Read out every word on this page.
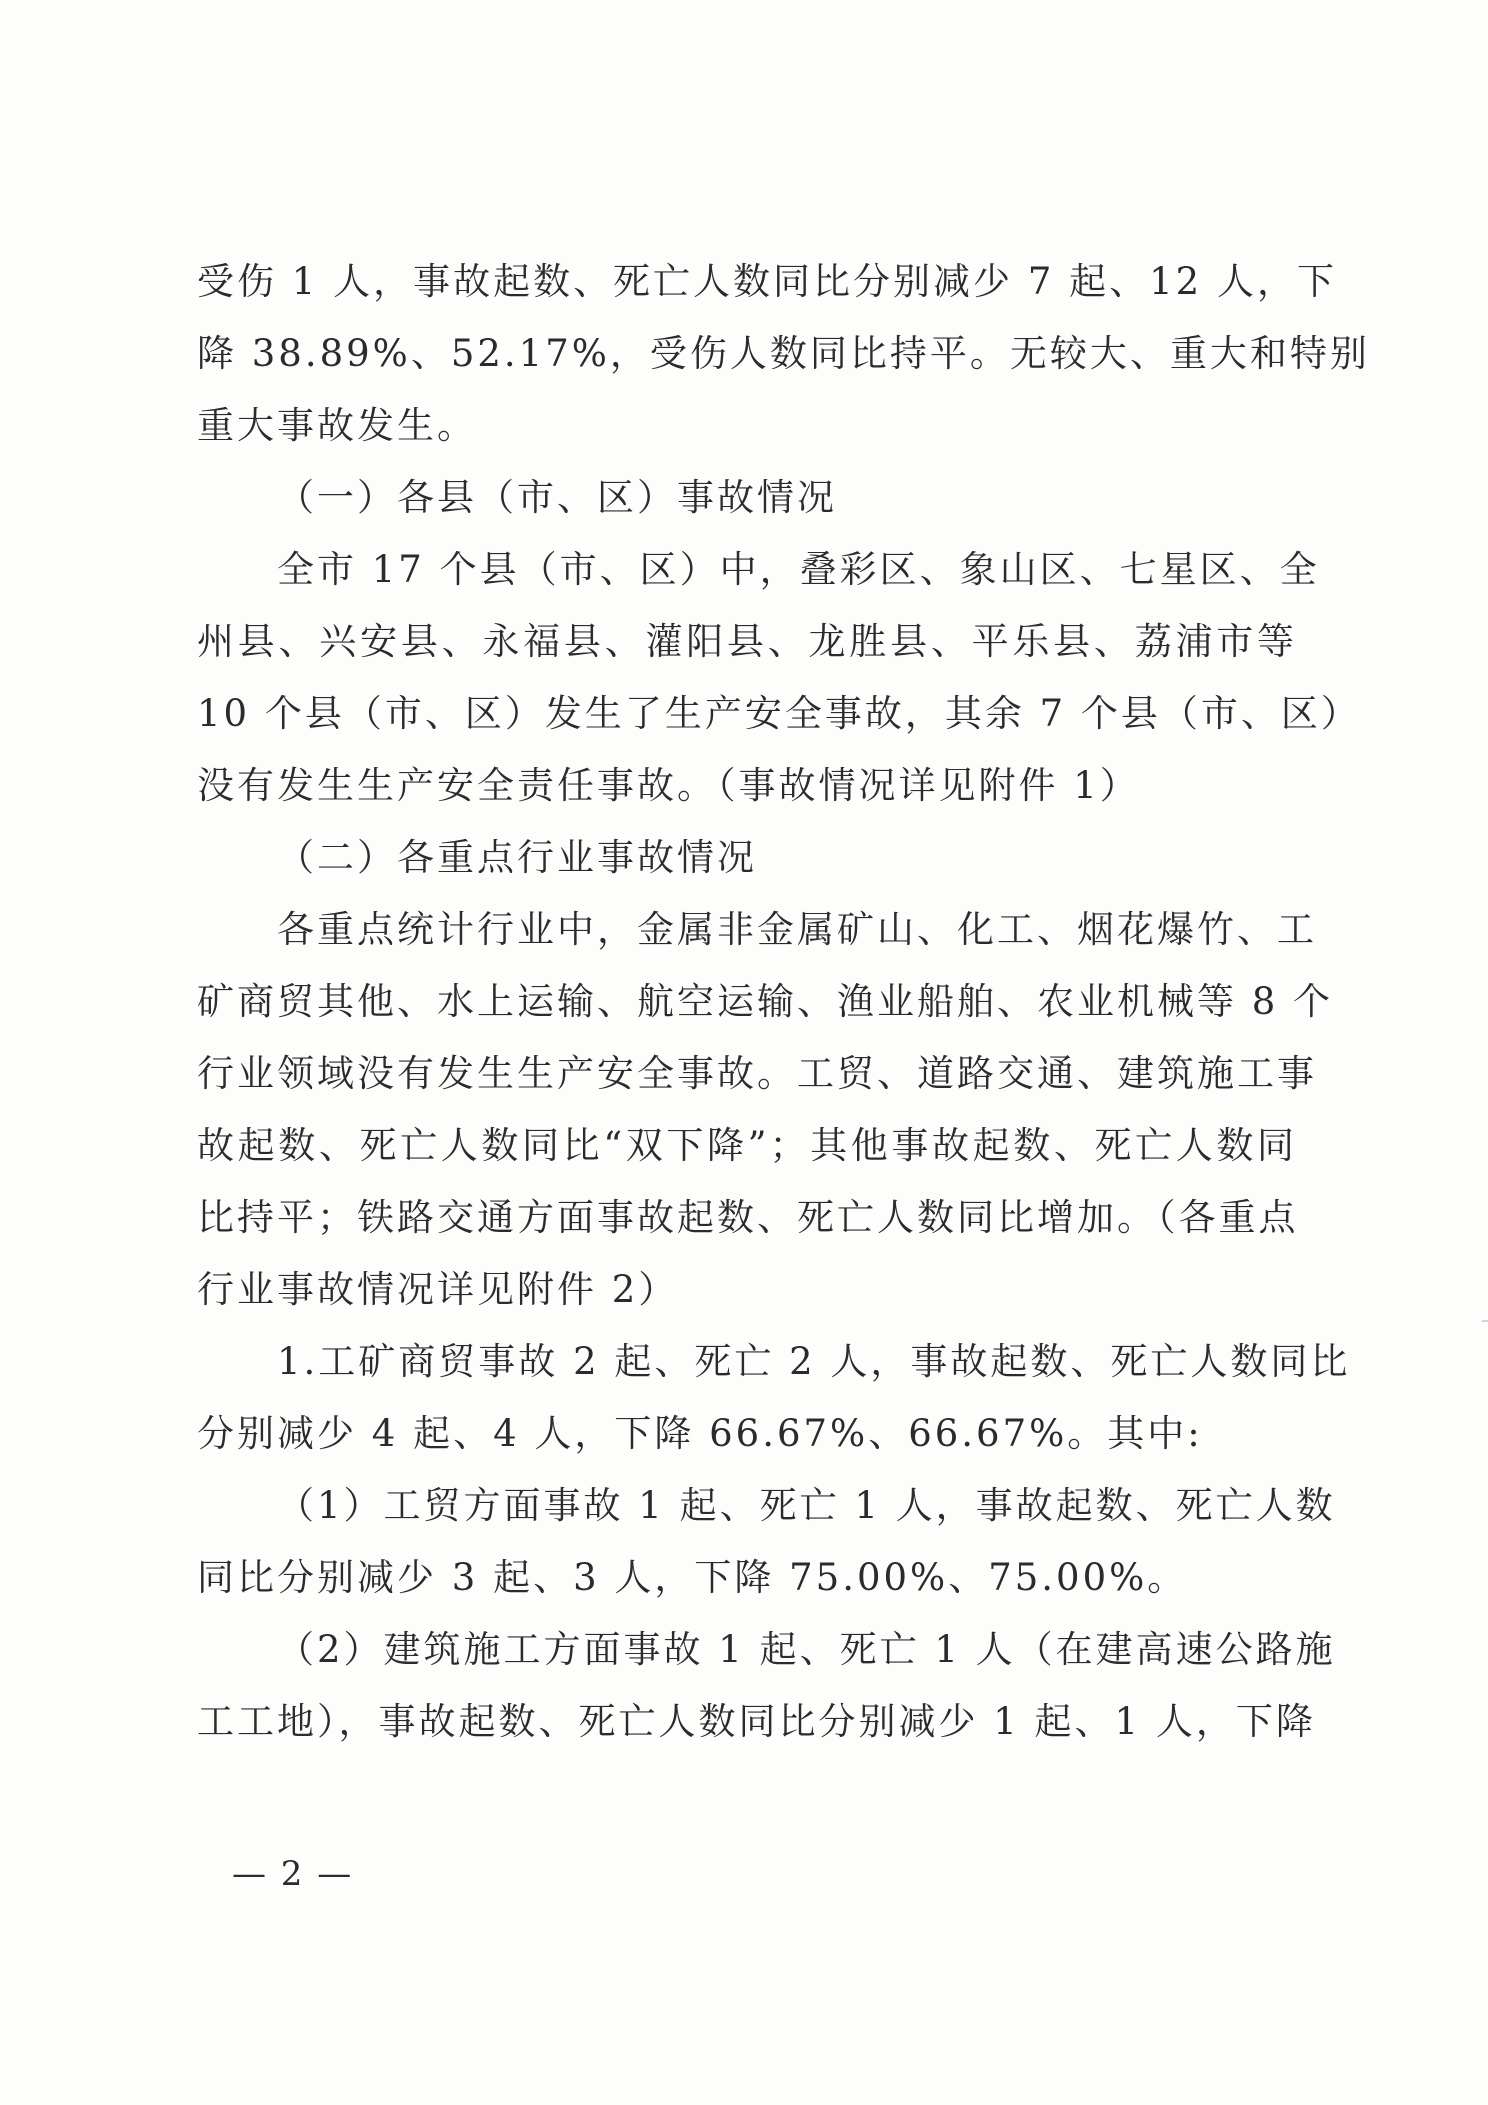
受伤 1 人，事故起数、死亡人数同比分别减少 7 起、12 人，下
降 38.89%、52.17%，受伤人数同比持平。无较大、重大和特别
重大事故发生。
（一）各县（市、区）事故情况
全市 17 个县（市、区）中，叠彩区、象山区、七星区、全
州县、兴安县、永福县、灌阳县、龙胜县、平乐县、荔浦市等
10 个县（市、区）发生了生产安全事故，其余 7 个县（市、区）
没有发生生产安全责任事故。（事故情况详见附件 1）
（二）各重点行业事故情况
各重点统计行业中，金属非金属矿山、化工、烟花爆竹、工
矿商贸其他、水上运输、航空运输、渔业船舶、农业机械等 8 个
行业领域没有发生生产安全事故。工贸、道路交通、建筑施工事
故起数、死亡人数同比“双下降”；其他事故起数、死亡人数同
比持平；铁路交通方面事故起数、死亡人数同比增加。（各重点
行业事故情况详见附件 2）
1.工矿商贸事故 2 起、死亡 2 人，事故起数、死亡人数同比
分别减少 4 起、4 人，下降 66.67%、66.67%。其中:
（1）工贸方面事故 1 起、死亡 1 人，事故起数、死亡人数
同比分别减少 3 起、3 人，下降 75.00%、75.00%。
（2）建筑施工方面事故 1 起、死亡 1 人（在建高速公路施
工工地），事故起数、死亡人数同比分别减少 1 起、1 人，下降
— 2 —
